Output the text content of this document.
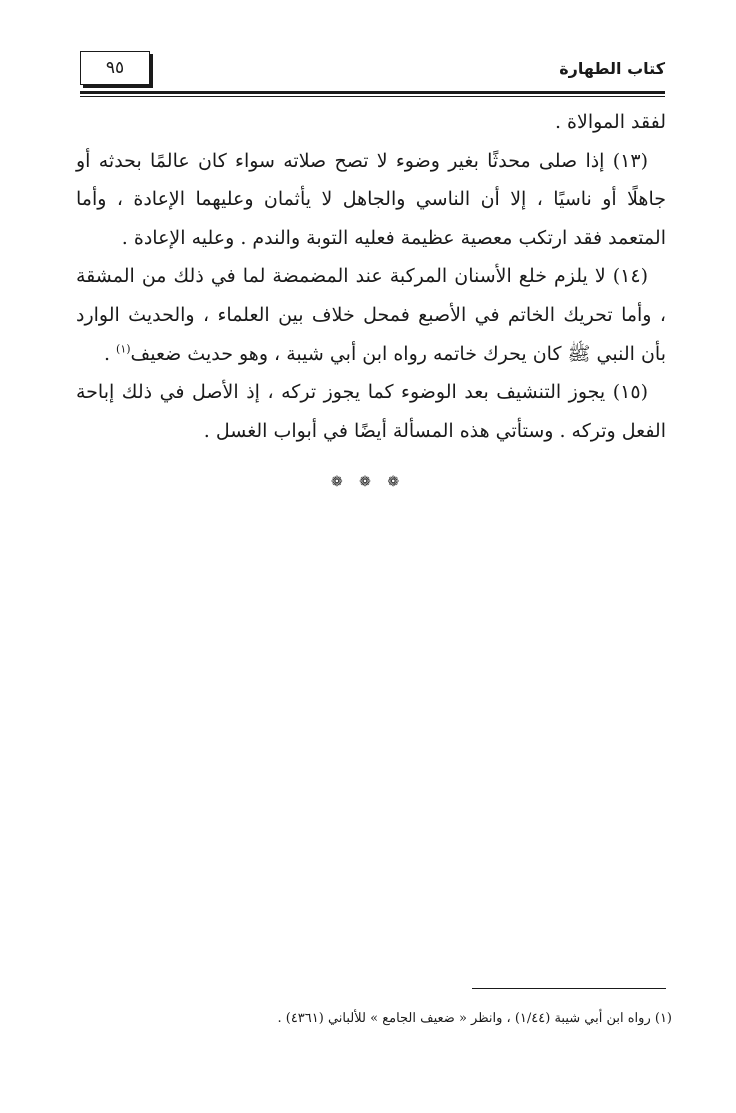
كتاب الطهارة
٩٥

لفقد الموالاة .

(١٣) إذا صلى محدثًا بغير وضوء لا تصح صلاته سواء كان عالمًا بحدثه أو جاهلًا أو ناسيًا ، إلا أن الناسي والجاهل لا يأثمان وعليهما الإعادة ، وأما المتعمد فقد ارتكب معصية عظيمة فعليه التوبة والندم . وعليه الإعادة .

(١٤) لا يلزم خلع الأسنان المركبة عند المضمضة لما في ذلك من المشقة ، وأما تحريك الخاتم في الأصبع فمحل خلاف بين العلماء ، والحديث الوارد بأن النبي ﷺ كان يحرك خاتمه رواه ابن أبي شيبة ، وهو حديث ضعيف$^{(١)}$ .

(١٥) يجوز التنشيف بعد الوضوء كما يجوز تركه ، إذ الأصل في ذلك إباحة الفعل وتركه . وستأتي هذه المسألة أيضًا في أبواب الغسل .

❁ ❁ ❁
(١) رواه ابن أبي شيبة (١/٤٤) ، وانظر « ضعيف الجامع » للألباني (٤٣٦١) .
